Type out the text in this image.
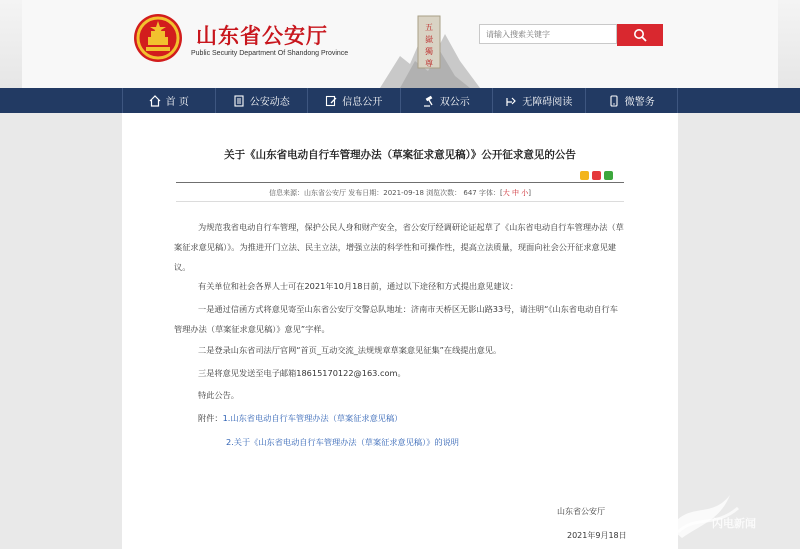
山东省公安厅
Public Security Department Of Shandong Province
五
嶽
獨
尊
请输入搜索关键字
首 页	公安动态	信息公开	双公示	无障碍阅读	微警务
关于《山东省电动自行车管理办法（草案征求意见稿）》公开征求意见的公告
信息来源：山东省公安厅 发布日期：2021-09-18 浏览次数： 647 字体：[大 中 小]

为规范我省电动自行车管理，保护公民人身和财产安全，省公安厅经调研论证起草了《山东省电动自行车管理办法（草案征求意见稿）》。为推进开门立法、民主立法，增强立法的科学性和可操作性，提高立法质量，现面向社会公开征求意见建议。

有关单位和社会各界人士可在2021年10月18日前，通过以下途径和方式提出意见建议：

一是通过信函方式将意见寄至山东省公安厅交警总队地址：济南市天桥区无影山路33号，请注明“《山东省电动自行车管理办法（草案征求意见稿）》意见”字样。

二是登录山东省司法厅官网“首页_互动交流_法规规章草案意见征集”在线提出意见。

三是将意见发送至电子邮箱18615170122@163.com。

特此公告。

附件：1.山东省电动自行车管理办法（草案征求意见稿）

2.关于《山东省电动自行车管理办法（草案征求意见稿）》的说明

山东省公安厅
2021年9月18日
闪电新闻
